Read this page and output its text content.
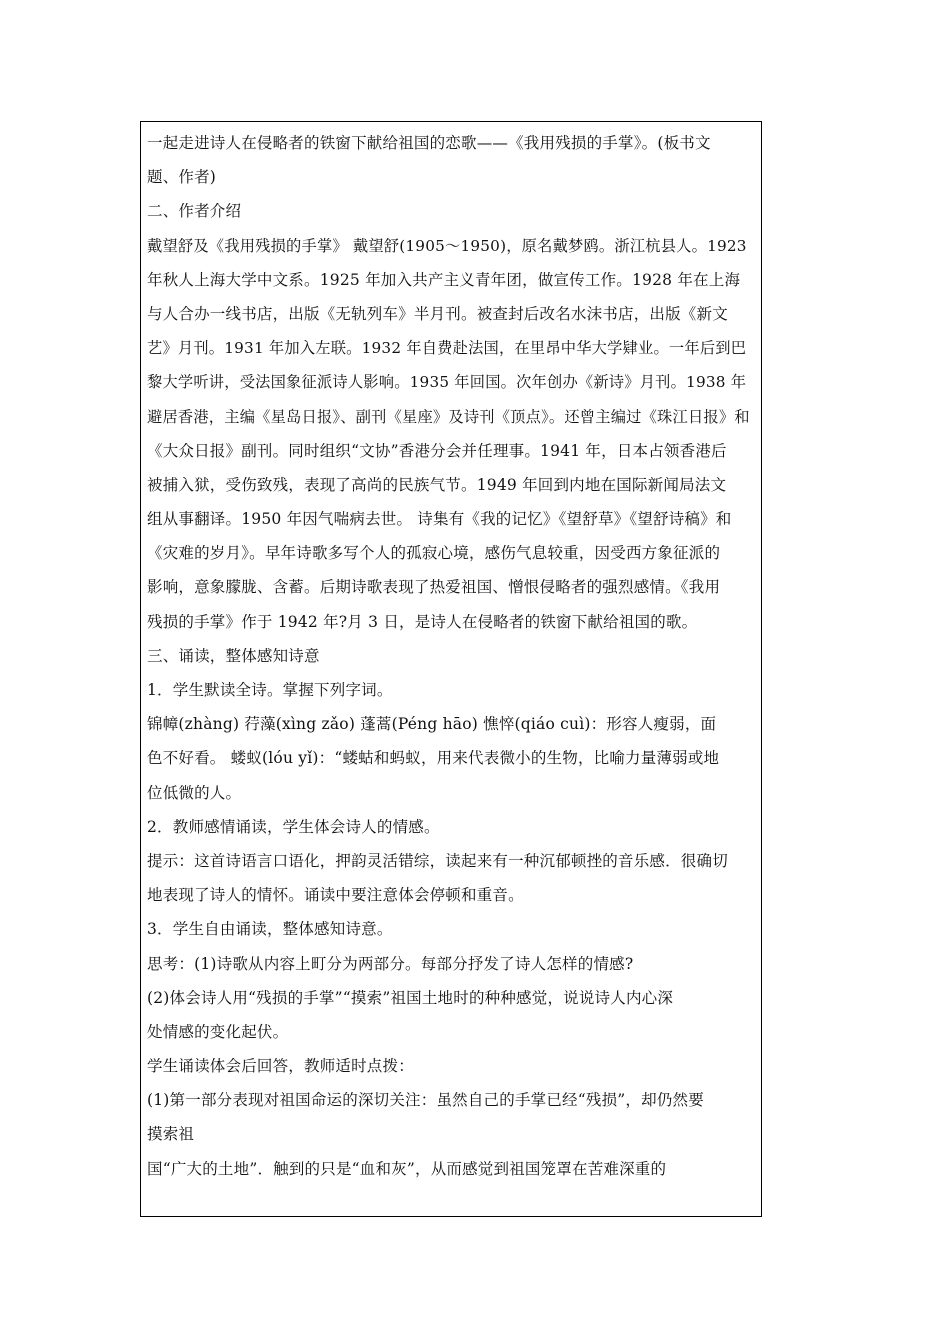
一起走进诗人在侵略者的铁窗下献给祖国的恋歌——《我用残损的手掌》。(板书文
题、作者)
二、作者介绍
戴望舒及《我用残损的手掌》 戴望舒(1905～1950)，原名戴梦鸥。浙江杭县人。1923
年秋人上海大学中文系。1925 年加入共产主义青年团，做宣传工作。1928 年在上海
与人合办一线书店，出版《无轨列车》半月刊。被查封后改名水沫书店，出版《新文
艺》月刊。1931 年加入左联。1932 年自费赴法国，在里昂中华大学肄业。一年后到巴
黎大学听讲，受法国象征派诗人影响。1935 年回国。次年创办《新诗》月刊。1938 年
避居香港，主编《星岛日报》、副刊《星座》及诗刊《顶点》。还曾主编过《珠江日报》和
《大众日报》副刊。同时组织“文协”香港分会并任理事。1941 年，日本占领香港后
被捕入狱，受伤致残，表现了高尚的民族气节。1949 年回到内地在国际新闻局法文
组从事翻译。1950 年因气喘病去世。 诗集有《我的记忆》《望舒草》《望舒诗稿》和
《灾难的岁月》。早年诗歌多写个人的孤寂心境，感伤气息较重，因受西方象征派的
影响，意象朦胧、含蓄。后期诗歌表现了热爱祖国、憎恨侵略者的强烈感情。《我用
残损的手掌》作于 1942 年?月 3 日，是诗人在侵略者的铁窗下献给祖国的歌。
三、诵读，整体感知诗意
1．学生默读全诗。掌握下列字词。
锦幛(zhàng) 荇藻(xìng zǎo) 蓬蒿(Péng hāo) 憔悴(qiáo cuì)：形容人瘦弱，面
色不好看。 蝼蚁(lóu yǐ)：“蝼蛄和蚂蚁，用来代表微小的生物，比喻力量薄弱或地
位低微的人。
2．教师感情诵读，学生体会诗人的情感。
提示：这首诗语言口语化，押韵灵活错综，读起来有一种沉郁顿挫的音乐感．很确切
地表现了诗人的情怀。诵读中要注意体会停顿和重音。
3．学生自由诵读，整体感知诗意。
思考：(1)诗歌从内容上町分为两部分。每部分抒发了诗人怎样的情感?
(2)体会诗人用“残损的手掌”“摸索”祖国土地时的种种感觉，说说诗人内心深
处情感的变化起伏。
学生诵读体会后回答，教师适时点拨：
(1)第一部分表现对祖国命运的深切关注：虽然自己的手掌已经“残损”，却仍然要
摸索祖
国“广大的土地”．触到的只是“血和灰”，从而感觉到祖国笼罩在苦难深重的
